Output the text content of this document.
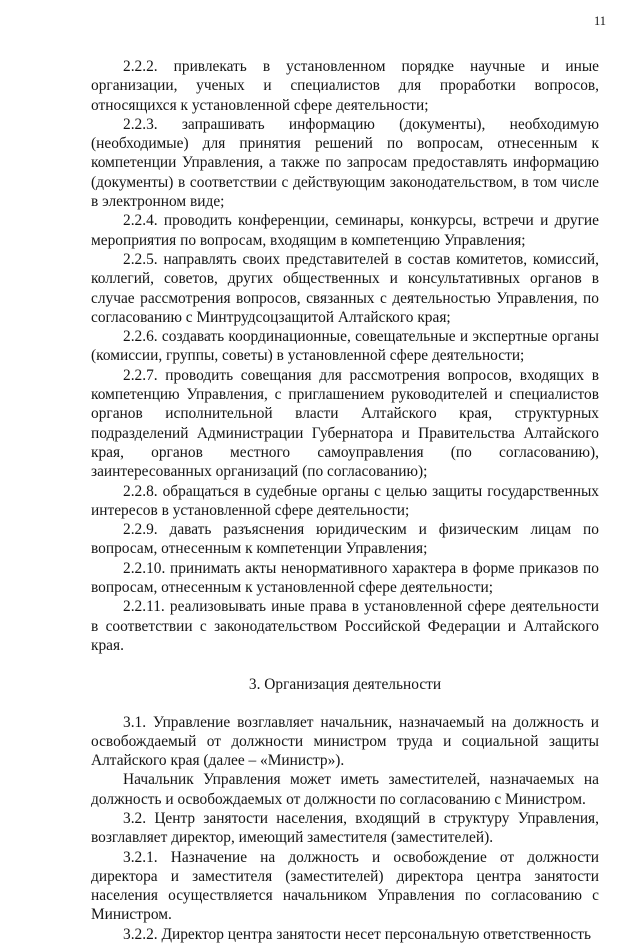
11

2.2.2. привлекать в установленном порядке научные и иные организации, ученых и специалистов для проработки вопросов, относящихся к установленной сфере деятельности;

2.2.3. запрашивать информацию (документы), необходимую (необходимые) для принятия решений по вопросам, отнесенным к компетенции Управления, а также по запросам предоставлять информацию (документы) в соответствии с действующим законодательством, в том числе в электронном виде;

2.2.4. проводить конференции, семинары, конкурсы, встречи и другие мероприятия по вопросам, входящим в компетенцию Управления;

2.2.5. направлять своих представителей в состав комитетов, комиссий, коллегий, советов, других общественных и консультативных органов в случае рассмотрения вопросов, связанных с деятельностью Управления, по согласованию с Минтрудсоцзащитой Алтайского края;

2.2.6. создавать координационные, совещательные и экспертные органы (комиссии, группы, советы) в установленной сфере деятельности;

2.2.7. проводить совещания для рассмотрения вопросов, входящих в компетенцию Управления, с приглашением руководителей и специалистов органов исполнительной власти Алтайского края, структурных подразделений Администрации Губернатора и Правительства Алтайского края, органов местного самоуправления (по согласованию), заинтересованных организаций (по согласованию);

2.2.8. обращаться в судебные органы с целью защиты государственных интересов в установленной сфере деятельности;

2.2.9. давать разъяснения юридическим и физическим лицам по вопросам, отнесенным к компетенции Управления;

2.2.10. принимать акты ненормативного характера в форме приказов по вопросам, отнесенным к установленной сфере деятельности;

2.2.11. реализовывать иные права в установленной сфере деятельности в соответствии с законодательством Российской Федерации и Алтайского края.

3. Организация деятельности

3.1. Управление возглавляет начальник, назначаемый на должность и освобождаемый от должности министром труда и социальной защиты Алтайского края (далее – «Министр»).

Начальник Управления может иметь заместителей, назначаемых на должность и освобождаемых от должности по согласованию с Министром.

3.2. Центр занятости населения, входящий в структуру Управления, возглавляет директор, имеющий заместителя (заместителей).

3.2.1. Назначение на должность и освобождение от должности директора и заместителя (заместителей) директора центра занятости населения осуществляется начальником Управления по согласованию с Министром.

3.2.2. Директор центра занятости несет персональную ответственность
